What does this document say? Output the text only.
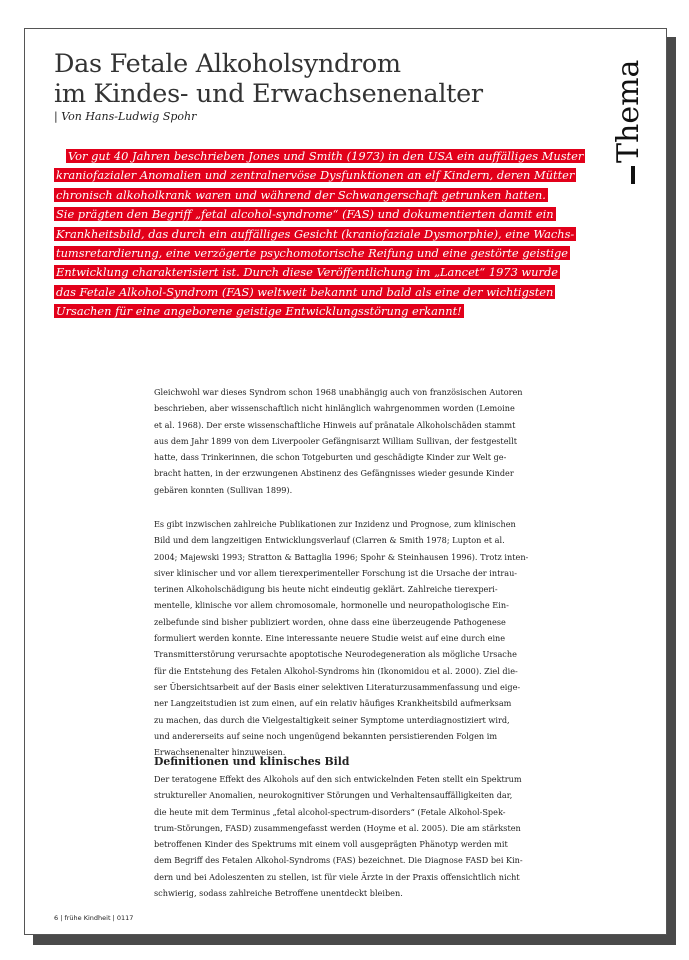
Das Fetale Alkoholsyndrom
im Kindes- und Erwachsenenalter
| Von Hans-Ludwig Spohr	Thema

Vor gut 40 Jahren beschrieben Jones und Smith (1973) in den USA ein auffälliges Muster
kraniofazialer Anomalien und zentralnervöse Dysfunktionen an elf Kindern, deren Mütter
chronisch alkoholkrank waren und während der Schwangerschaft getrunken hatten.
Sie prägten den Begriff „fetal alcohol-syndrome“ (FAS) und dokumentierten damit ein
Krankheitsbild, das durch ein auffälliges Gesicht (kraniofaziale Dysmorphie), eine Wachs-
tumsretardierung, eine verzögerte psychomotorische Reifung und eine gestörte geistige
Entwicklung charakterisiert ist. Durch diese Veröffentlichung im „Lancet“ 1973 wurde
das Fetale Alkohol-Syndrom (FAS) weltweit bekannt und bald als eine der wichtigsten
Ursachen für eine angeborene geistige Entwicklungsstörung erkannt!

Gleichwohl war dieses Syndrom schon 1968 unabhängig auch von französischen Autoren
beschrieben, aber wissenschaftlich nicht hinlänglich wahrgenommen worden (Lemoine
et al. 1968). Der erste wissenschaftliche Hinweis auf pränatale Alkoholschäden stammt
aus dem Jahr 1899 von dem Liverpooler Gefängnisarzt William Sullivan, der festgestellt
hatte, dass Trinkerinnen, die schon Totgeburten und geschädigte Kinder zur Welt ge-
bracht hatten, in der erzwungenen Abstinenz des Gefängnisses wieder gesunde Kinder
gebären konnten (Sullivan 1899).

Es gibt inzwischen zahlreiche Publikationen zur Inzidenz und Prognose, zum klinischen
Bild und dem langzeitigen Entwicklungsverlauf (Clarren & Smith 1978; Lupton et al.
2004; Majewski 1993; Stratton & Battaglia 1996; Spohr & Steinhausen 1996). Trotz inten-
siver klinischer und vor allem tierexperimenteller Forschung ist die Ursache der intrau-
terinen Alkoholschädigung bis heute nicht eindeutig geklärt. Zahlreiche tierexperi-
mentelle, klinische vor allem chromosomale, hormonelle und neuropathologische Ein-
zelbefunde sind bisher publiziert worden, ohne dass eine überzeugende Pathogenese
formuliert werden konnte. Eine interessante neuere Studie weist auf eine durch eine
Transmitterstörung verursachte apoptotische Neurodegeneration als mögliche Ursache
für die Entstehung des Fetalen Alkohol-Syndroms hin (Ikonomidou et al. 2000). Ziel die-
ser Übersichtsarbeit auf der Basis einer selektiven Literaturzusammenfassung und eige-
ner Langzeitstudien ist zum einen, auf ein relativ häufiges Krankheitsbild aufmerksam
zu machen, das durch die Vielgestaltigkeit seiner Symptome unterdiagnostiziert wird,
und andererseits auf seine noch ungenügend bekannten persistierenden Folgen im
Erwachsenenalter hinzuweisen.

Definitionen und klinisches Bild

Der teratogene Effekt des Alkohols auf den sich entwickelnden Feten stellt ein Spektrum
struktureller Anomalien, neurokognitiver Störungen und Verhaltensauffälligkeiten dar,
die heute mit dem Terminus „fetal alcohol-spectrum-disorders“ (Fetale Alkohol-Spek-
trum-Störungen, FASD) zusammengefasst werden (Hoyme et al. 2005). Die am stärksten
betroffenen Kinder des Spektrums mit einem voll ausgeprägten Phänotyp werden mit
dem Begriff des Fetalen Alkohol-Syndroms (FAS) bezeichnet. Die Diagnose FASD bei Kin-
dern und bei Adoleszenten zu stellen, ist für viele Ärzte in der Praxis offensichtlich nicht
schwierig, sodass zahlreiche Betroffene unentdeckt bleiben.

6 | frühe Kindheit | 0117
